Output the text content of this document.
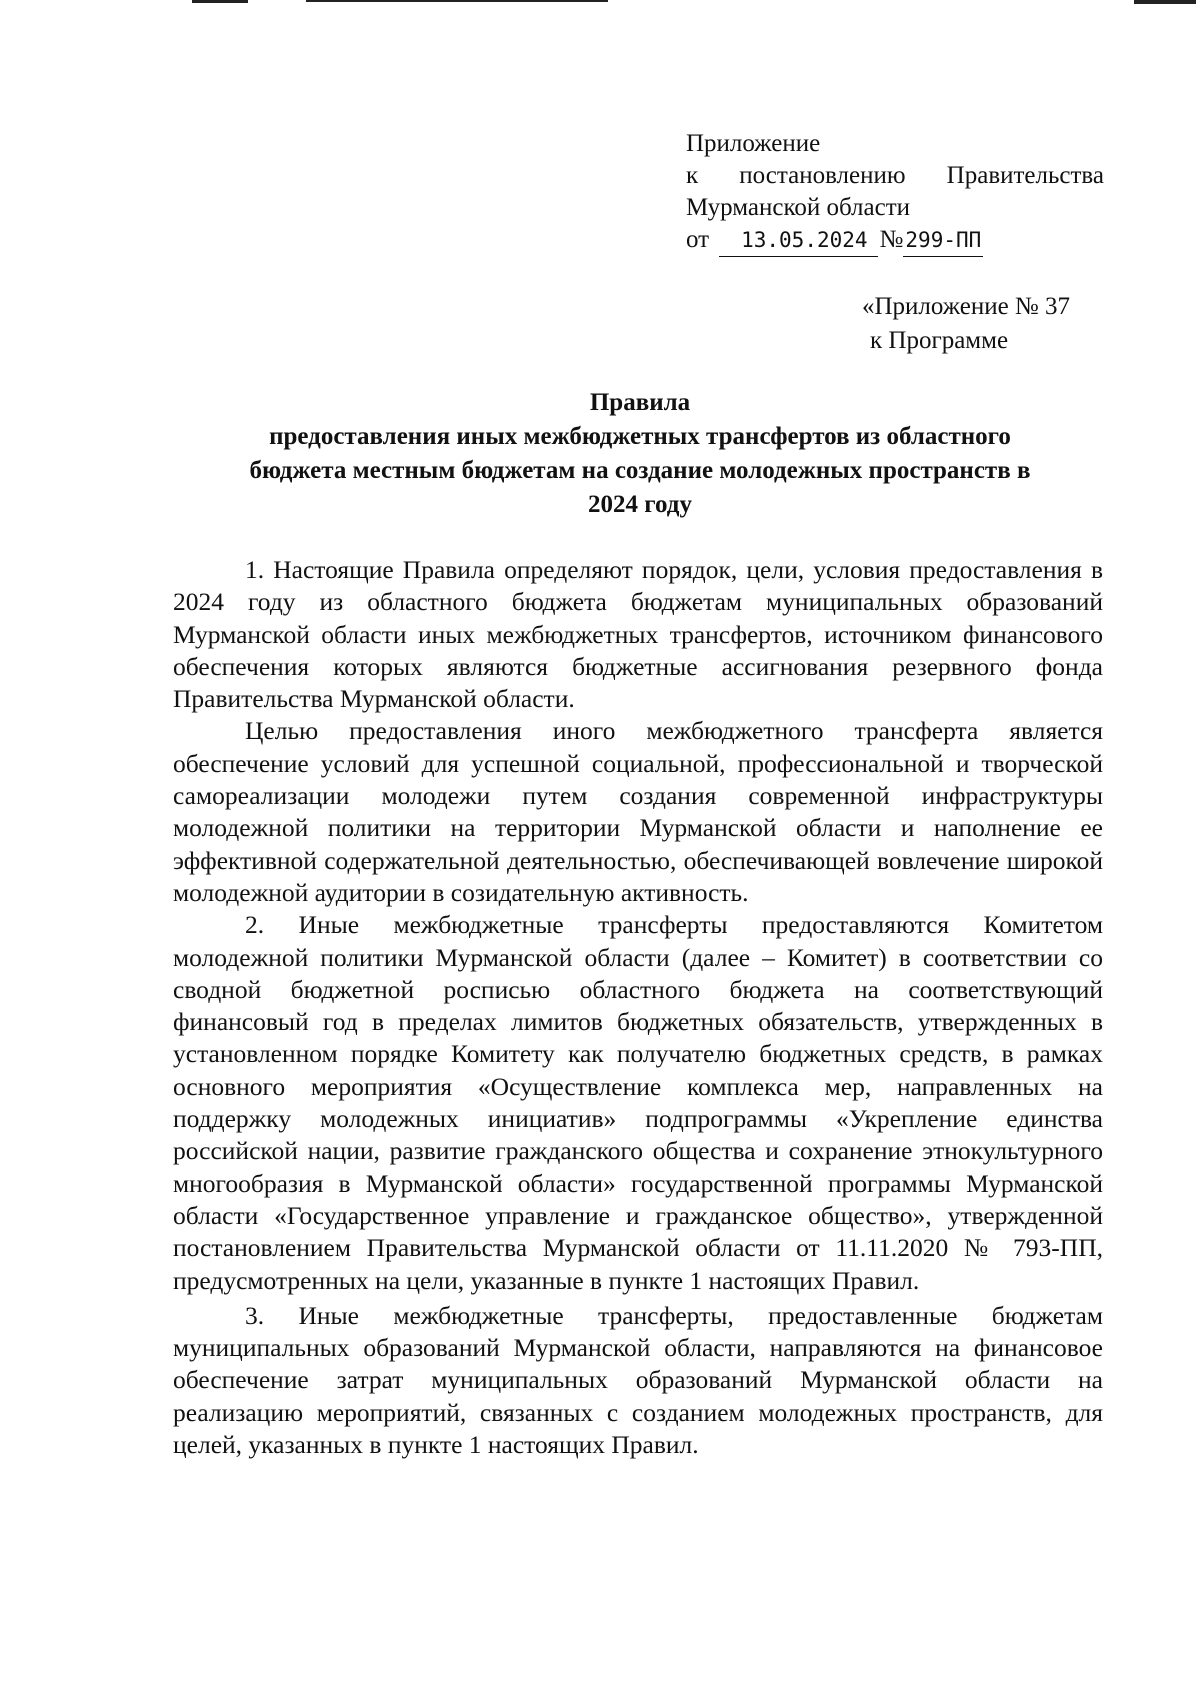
Приложение
к постановлению Правительства
Мурманской области
от 13.05.2024 №299-ПП
«Приложение № 37
к Программе
Правила
предоставления иных межбюджетных трансфертов из областного
бюджета местным бюджетам на создание молодежных пространств в
2024 году

1. Настоящие Правила определяют порядок, цели, условия предоставления в 2024 году из областного бюджета бюджетам муниципальных образований Мурманской области иных межбюджетных трансфертов, источником финансового обеспечения которых являются бюджетные ассигнования резервного фонда Правительства Мурманской области.

Целью предоставления иного межбюджетного трансферта является обеспечение условий для успешной социальной, профессиональной и творческой самореализации молодежи путем создания современной инфраструктуры молодежной политики на территории Мурманской области и наполнение ее эффективной содержательной деятельностью, обеспечивающей вовлечение широкой молодежной аудитории в созидательную активность.

2. Иные межбюджетные трансферты предоставляются Комитетом молодежной политики Мурманской области (далее – Комитет) в соответствии со сводной бюджетной росписью областного бюджета на соответствующий финансовый год в пределах лимитов бюджетных обязательств, утвержденных в установленном порядке Комитету как получателю бюджетных средств, в рамках основного мероприятия «Осуществление комплекса мер, направленных на поддержку молодежных инициатив» подпрограммы «Укрепление единства российской нации, развитие гражданского общества и сохранение этнокультурного многообразия в Мурманской области» государственной программы Мурманской области «Государственное управление и гражданское общество», утвержденной постановлением Правительства Мурманской области от 11.11.2020 № 793-ПП, предусмотренных на цели, указанные в пункте 1 настоящих Правил.

3. Иные межбюджетные трансферты, предоставленные бюджетам муниципальных образований Мурманской области, направляются на финансовое обеспечение затрат муниципальных образований Мурманской области на реализацию мероприятий, связанных с созданием молодежных пространств, для целей, указанных в пункте 1 настоящих Правил.
